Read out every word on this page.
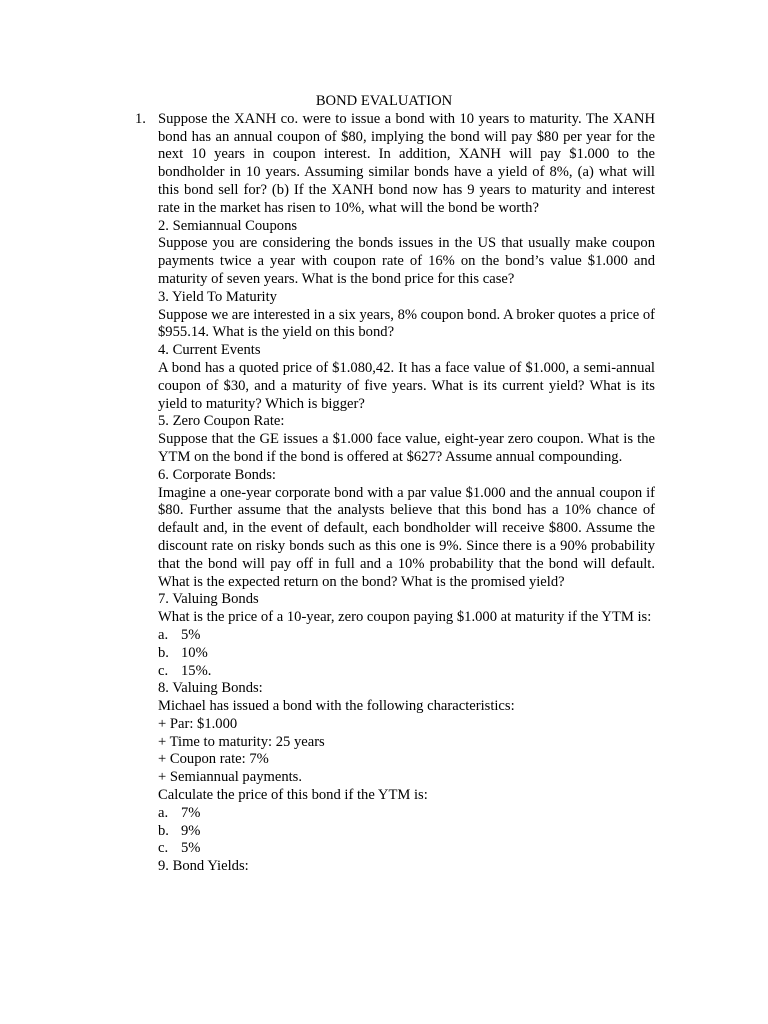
BOND EVALUATION
1. Suppose the XANH co. were to issue a bond with 10 years to maturity. The XANH bond has an annual coupon of $80, implying the bond will pay $80 per year for the next 10 years in coupon interest. In addition, XANH will pay $1.000 to the bondholder in 10 years. Assuming similar bonds have a yield of 8%, (a) what will this bond sell for? (b) If the XANH bond now has 9 years to maturity and interest rate in the market has risen to 10%, what will the bond be worth?
2. Semiannual Coupons
Suppose you are considering the bonds issues in the US that usually make coupon payments twice a year with coupon rate of 16% on the bond’s value $1.000 and maturity of seven years. What is the bond price for this case?
3. Yield To Maturity
Suppose we are interested in a six years, 8% coupon bond. A broker quotes a price of $955.14. What is the yield on this bond?
4. Current Events
A bond has a quoted price of $1.080,42. It has a face value of $1.000, a semi-annual coupon of $30, and a maturity of five years. What is its current yield? What is its yield to maturity? Which is bigger?
5. Zero Coupon Rate:
Suppose that the GE issues a $1.000 face value, eight-year zero coupon. What is the YTM on the bond if the bond is offered at $627? Assume annual compounding.
6. Corporate Bonds:
Imagine a one-year corporate bond with a par value $1.000 and the annual coupon if $80. Further assume that the analysts believe that this bond has a 10% chance of default and, in the event of default, each bondholder will receive $800. Assume the discount rate on risky bonds such as this one is 9%. Since there is a 90% probability that the bond will pay off in full and a 10% probability that the bond will default. What is the expected return on the bond? What is the promised yield?
7. Valuing Bonds
What is the price of a 10-year, zero coupon paying $1.000 at maturity if the YTM is:
a. 5%
b. 10%
c. 15%.
8. Valuing Bonds:
Michael has issued a bond with the following characteristics:
+ Par: $1.000
+ Time to maturity: 25 years
+ Coupon rate: 7%
+ Semiannual payments.
Calculate the price of this bond if the YTM is:
a. 7%
b. 9%
c. 5%
9. Bond Yields:
